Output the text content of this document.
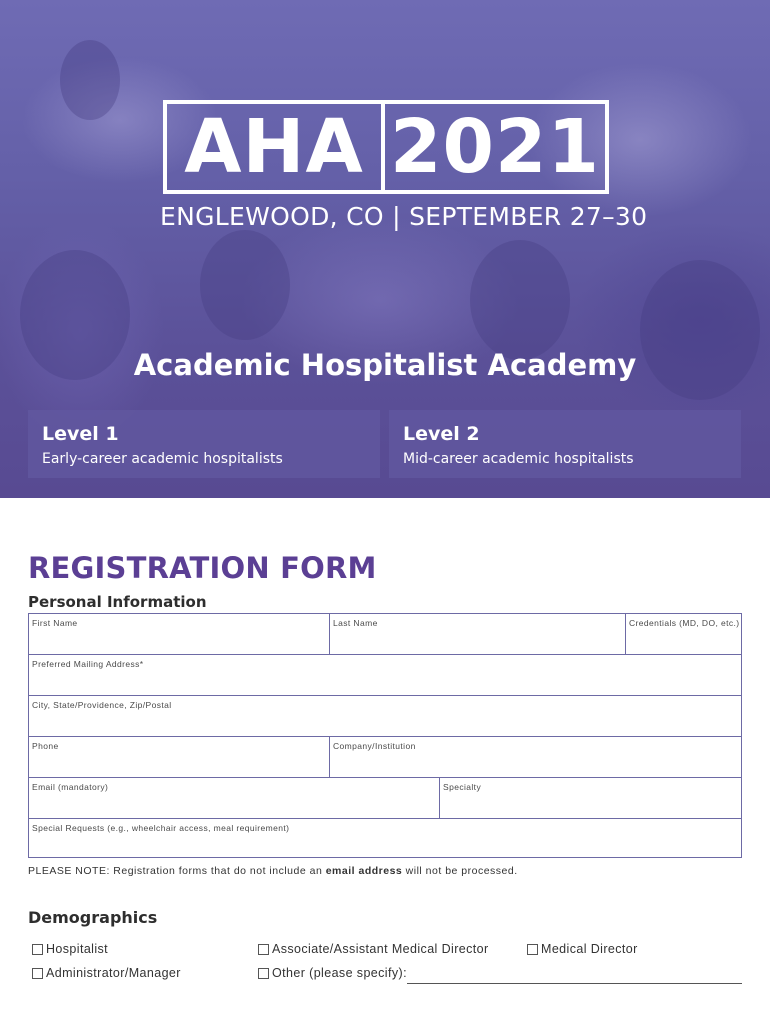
AHA 2021
ENGLEWOOD, CO | SEPTEMBER 27–30
Academic Hospitalist Academy
Level 1
Early-career academic hospitalists
Level 2
Mid-career academic hospitalists
REGISTRATION FORM
Personal Information
First Name	Last Name	Credentials (MD, DO, etc.)
Preferred Mailing Address*
City, State/Providence, Zip/Postal
Phone	Company/Institution
Email (mandatory)	Specialty
Special Requests (e.g., wheelchair access, meal requirement)
PLEASE NOTE: Registration forms that do not include an email address will not be processed.
Demographics
Hospitalist	Associate/Assistant Medical Director	Medical Director
Administrator/Manager	Other (please specify):
